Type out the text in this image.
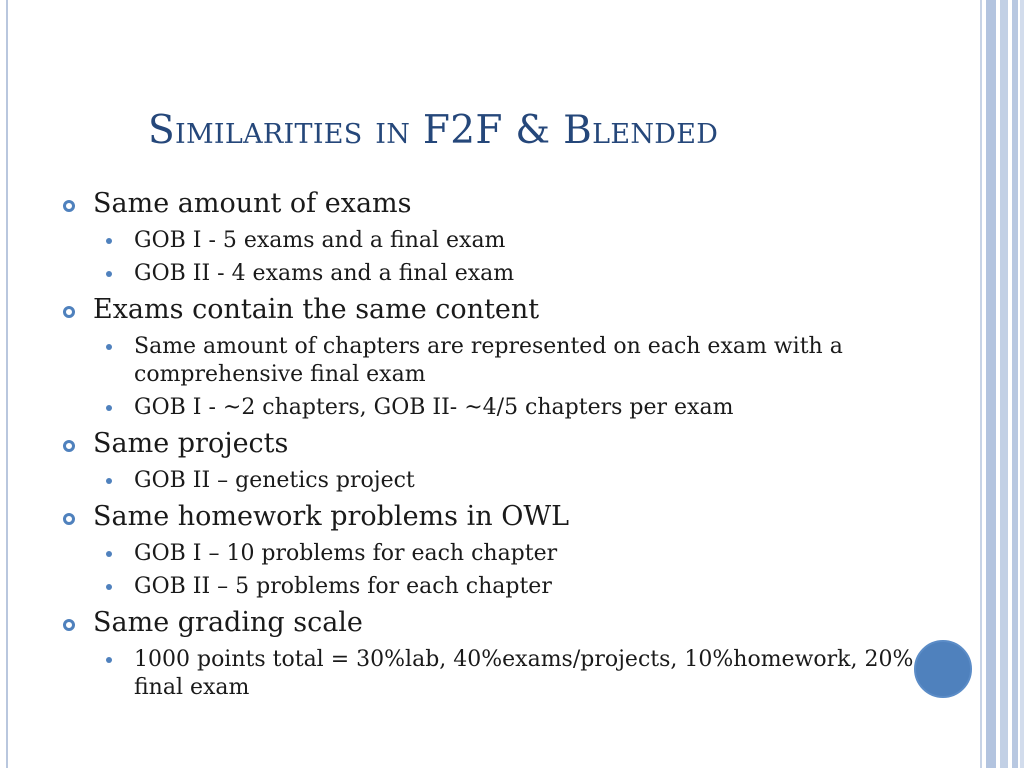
Similarities in F2F & Blended
Same amount of exams
GOB I - 5 exams and a final exam
GOB II - 4 exams and a final exam
Exams contain the same content
Same amount of chapters are represented on each exam with a comprehensive final exam
GOB I - ~2 chapters, GOB II- ~4/5 chapters per exam
Same projects
GOB II – genetics project
Same homework problems in OWL
GOB I – 10 problems for each chapter
GOB II – 5 problems for each chapter
Same grading scale
1000 points total = 30%lab, 40%exams/projects, 10%homework, 20% final exam
